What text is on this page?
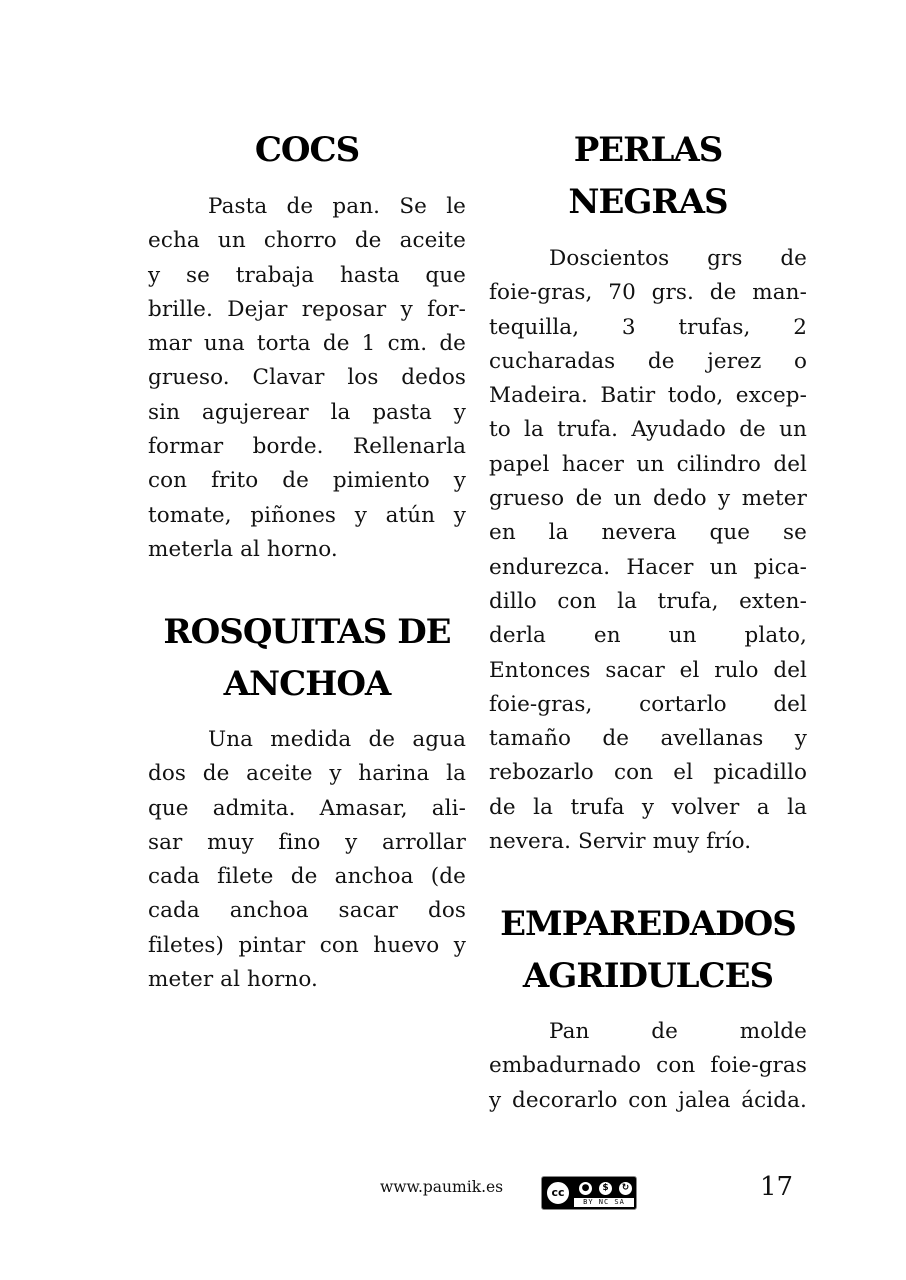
COCS
Pasta de pan. Se le
echa un chorro de aceite
y se trabaja hasta que
brille. Dejar reposar y for-
mar una torta de 1 cm. de
grueso. Clavar los dedos
sin agujerear la pasta y
formar borde. Rellenarla
con frito de pimiento y
tomate, piñones y atún y
meterla al horno.
ROSQUITAS DE
ANCHOA
Una medida de agua
dos de aceite y harina la
que admita. Amasar, ali-
sar muy fino y arrollar
cada filete de anchoa (de
cada anchoa sacar dos
filetes) pintar con huevo y
meter al horno.
PERLAS
NEGRAS
Doscientos grs de
foie-gras, 70 grs. de man-
tequilla, 3 trufas, 2
cucharadas de jerez o
Madeira. Batir todo, excep-
to la trufa. Ayudado de un
papel hacer un cilindro del
grueso de un dedo y meter
en la nevera que se
endurezca. Hacer un pica-
dillo con la trufa, exten-
derla en un plato,
Entonces sacar el rulo del
foie-gras, cortarlo del
tamaño de avellanas y
rebozarlo con el picadillo
de la trufa y volver a la
nevera. Servir muy frío.
EMPAREDADOS
AGRIDULCES
Pan de molde
embadurnado con foie-gras
y decorarlo con jalea ácida.
www.paumik.es	cc	●	$	↻
BY NC SA	17
